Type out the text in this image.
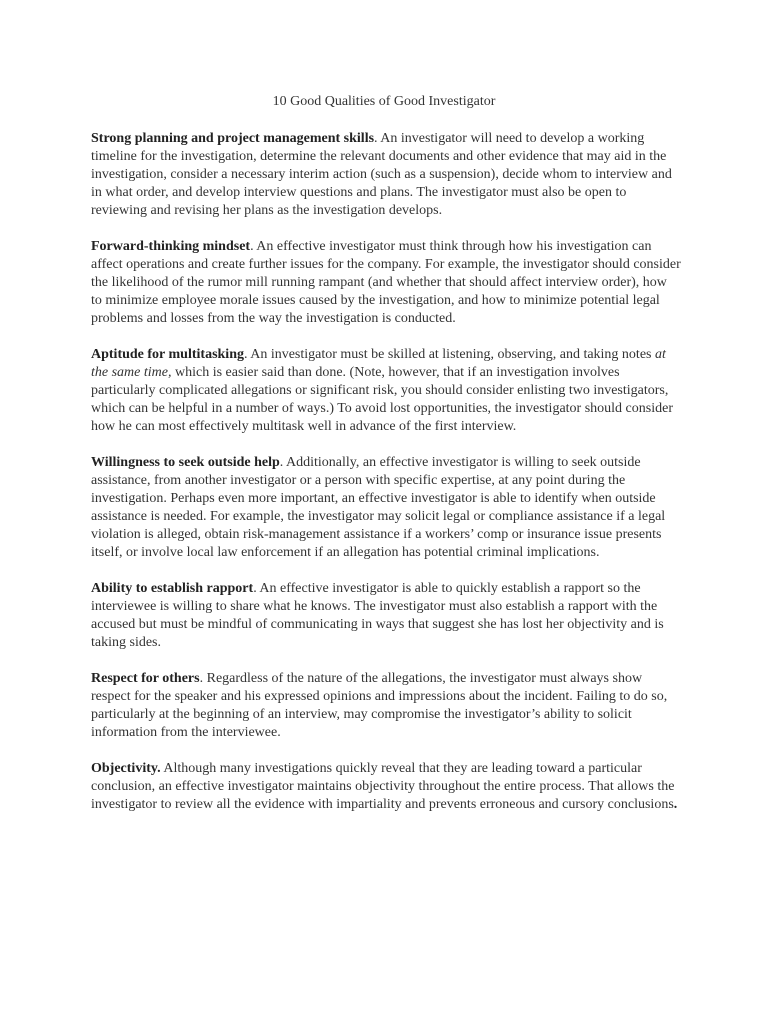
10 Good Qualities of Good Investigator

Strong planning and project management skills. An investigator will need to develop a working timeline for the investigation, determine the relevant documents and other evidence that may aid in the investigation, consider a necessary interim action (such as a suspension), decide whom to interview and in what order, and develop interview questions and plans. The investigator must also be open to reviewing and revising her plans as the investigation develops.

Forward-thinking mindset. An effective investigator must think through how his investigation can affect operations and create further issues for the company. For example, the investigator should consider the likelihood of the rumor mill running rampant (and whether that should affect interview order), how to minimize employee morale issues caused by the investigation, and how to minimize potential legal problems and losses from the way the investigation is conducted.

Aptitude for multitasking. An investigator must be skilled at listening, observing, and taking notes at the same time, which is easier said than done. (Note, however, that if an investigation involves particularly complicated allegations or significant risk, you should consider enlisting two investigators, which can be helpful in a number of ways.) To avoid lost opportunities, the investigator should consider how he can most effectively multitask well in advance of the first interview.

Willingness to seek outside help. Additionally, an effective investigator is willing to seek outside assistance, from another investigator or a person with specific expertise, at any point during the investigation. Perhaps even more important, an effective investigator is able to identify when outside assistance is needed. For example, the investigator may solicit legal or compliance assistance if a legal violation is alleged, obtain risk-management assistance if a workers’ comp or insurance issue presents itself, or involve local law enforcement if an allegation has potential criminal implications.

Ability to establish rapport. An effective investigator is able to quickly establish a rapport so the interviewee is willing to share what he knows. The investigator must also establish a rapport with the accused but must be mindful of communicating in ways that suggest she has lost her objectivity and is taking sides.

Respect for others. Regardless of the nature of the allegations, the investigator must always show respect for the speaker and his expressed opinions and impressions about the incident. Failing to do so, particularly at the beginning of an interview, may compromise the investigator’s ability to solicit information from the interviewee.

Objectivity. Although many investigations quickly reveal that they are leading toward a particular conclusion, an effective investigator maintains objectivity throughout the entire process. That allows the investigator to review all the evidence with impartiality and prevents erroneous and cursory conclusions.
